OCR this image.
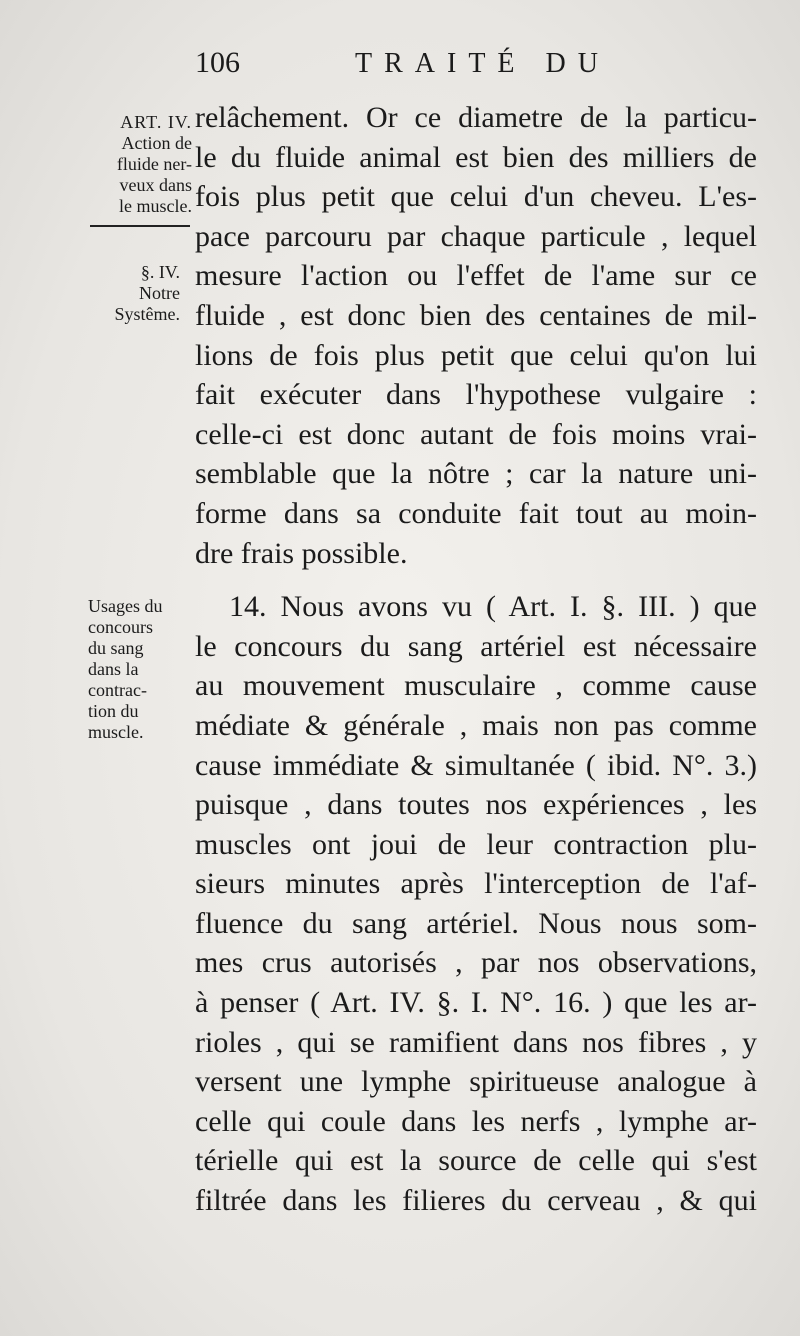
106	TRAITÉ DU
ART. IV.
Action de
fluide ner-
veux dans
le muscle.
§. IV.
Notre
Systême.
Usages du
concours
du sang
dans la
contrac-
tion du
muscle.
relâchement. Or ce diametre de la particu-
le du fluide animal est bien des milliers de
fois plus petit que celui d'un cheveu. L'es-
pace parcouru par chaque particule , lequel
mesure l'action ou l'effet de l'ame sur ce
fluide , est donc bien des centaines de mil-
lions de fois plus petit que celui qu'on lui
fait exécuter dans l'hypothese vulgaire :
celle-ci est donc autant de fois moins vrai-
semblable que la nôtre ; car la nature uni-
forme dans sa conduite fait tout au moin-
dre frais possible.
14. Nous avons vu ( Art. I. §. III. ) que
le concours du sang artériel est nécessaire
au mouvement musculaire , comme cause
médiate & générale , mais non pas comme
cause immédiate & simultanée ( ibid. N°. 3.)
puisque , dans toutes nos expériences , les
muscles ont joui de leur contraction plu-
sieurs minutes après l'interception de l'af-
fluence du sang artériel. Nous nous som-
mes crus autorisés , par nos observations,
à penser ( Art. IV. §. I. N°. 16. ) que les ar-
rioles , qui se ramifient dans nos fibres , y
versent une lymphe spiritueuse analogue à
celle qui coule dans les nerfs , lymphe ar-
térielle qui est la source de celle qui s'est
filtrée dans les filieres du cerveau , & qui
